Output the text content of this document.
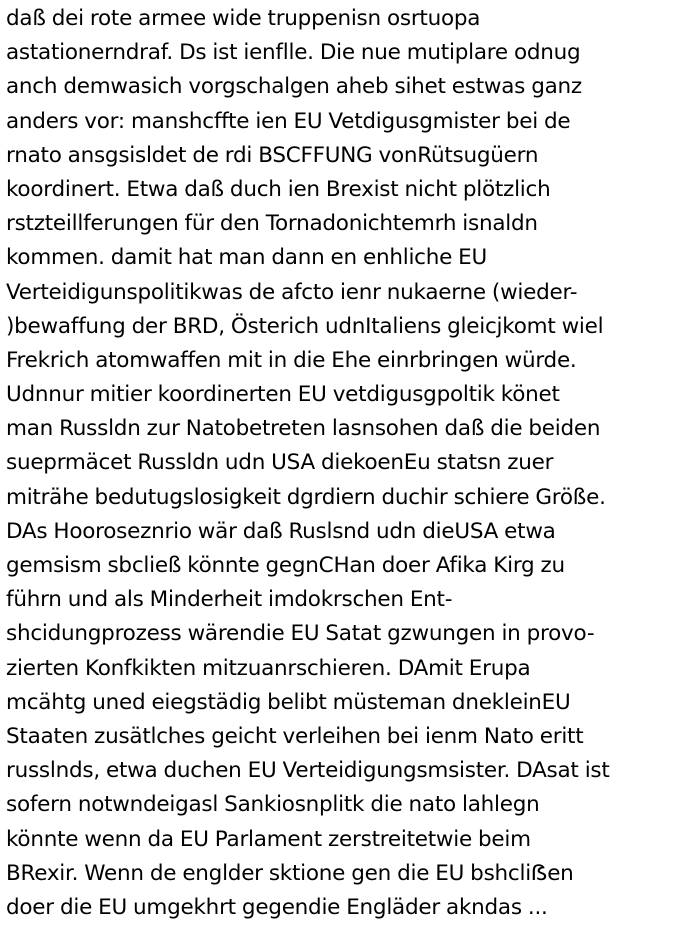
daß dei rote armee wide truppenisn osrtuopa
astationerndraf. Ds ist ienflle. Die nue mutiplare odnug
anch demwasich vorgschalgen aheb sihet estwas ganz
anders vor: manshcffte ien EU Vetdigusgmister bei de
rnato ansgsisldet de rdi BSCFFUNG vonRütsugüern
koordinert. Etwa daß duch ien Brexist nicht plötzlich
rstzteillferungen für den Tornadonichtemrh isnaldn
kommen. damit hat man dann en enhliche EU
Verteidigunspolitikwas de afcto ienr nukaerne (wieder-
)bewaffung der BRD, Österich udnItaliens gleicjkomt wiel
Frekrich atomwaffen mit in die Ehe einrbringen würde.
Udnnur mitier koordinerten EU vetdigusgpoltik könet
man Russldn zur Natobetreten lasnsohen daß die beiden
sueprmäcet Russldn udn USA diekoenEu statsn zuer
miträhe bedutugslosigkeit dgrdiern duchir schiere Größe.
DAs Hooroseznrio wär daß Ruslsnd udn dieUSA etwa
gemsism sbcließ könnte gegnCHan doer Afika Kirg zu
führn und als Minderheit imdokrschen Ent-
shcidungprozess wärendie EU Satat gzwungen in provo-
zierten Konfkikten mitzuanrschieren. DAmit Erupa
mcähtg uned eiegstädig belibt müsteman dnekleinEU
Staaten zusätlches geicht verleihen bei ienm Nato eritt
russlnds, etwa duchen EU Verteidigungsmsister. DAsat ist
sofern notwndeigasl Sankiosnplitk die nato lahlegn
könnte wenn da EU Parlament zerstreitetwie beim
BRexir. Wenn de englder sktione gen die EU bshcliẞen
doer die EU umgekhrt gegendie Engläder akndas ...
